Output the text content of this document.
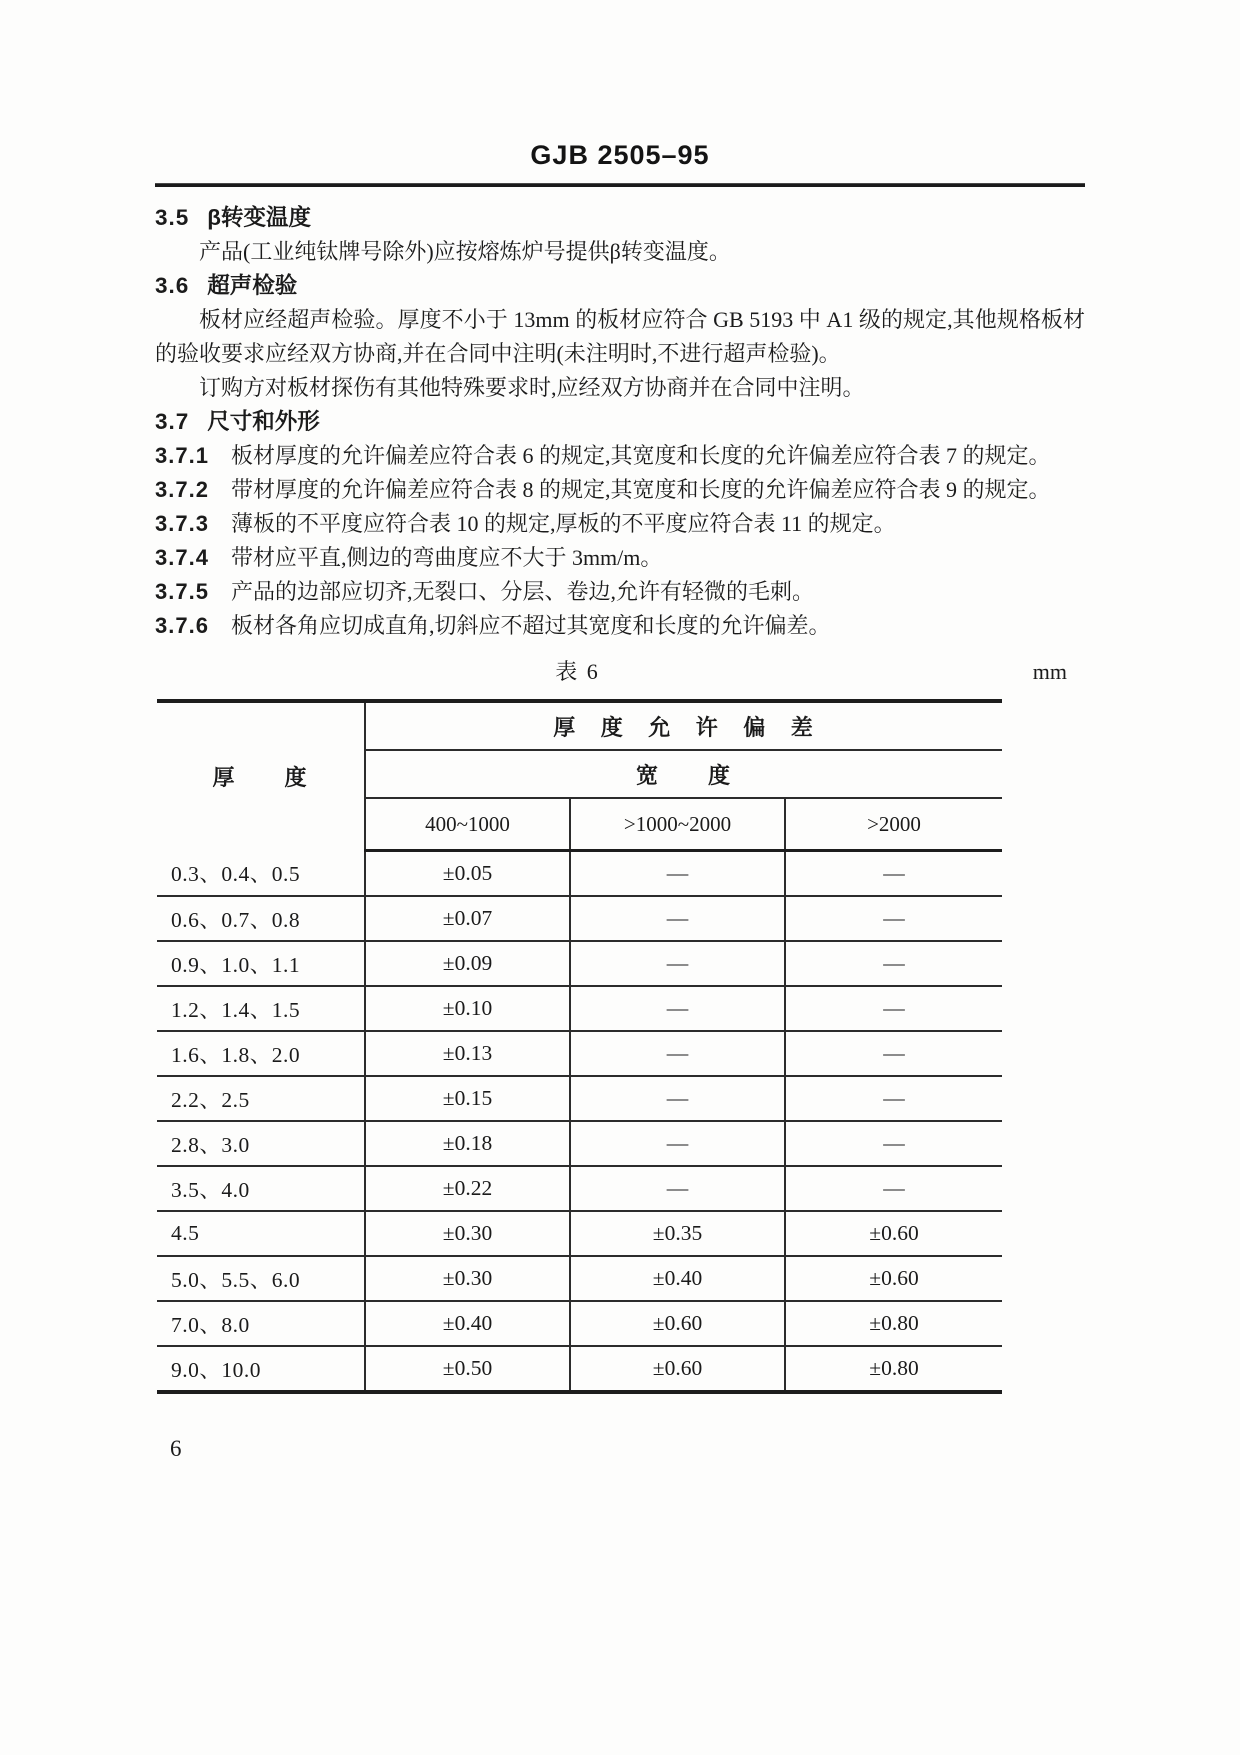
GJB 2505–95

3.5 β转变温度

产品(工业纯钛牌号除外)应按熔炼炉号提供β转变温度。

3.6 超声检验

板材应经超声检验。厚度不小于 13mm 的板材应符合 GB 5193 中 A1 级的规定,其他规格板材的验收要求应经双方协商,并在合同中注明(未注明时,不进行超声检验)。

订购方对板材探伤有其他特殊要求时,应经双方协商并在合同中注明。

3.7 尺寸和外形

3.7.1 板材厚度的允许偏差应符合表 6 的规定,其宽度和长度的允许偏差应符合表 7 的规定。

3.7.2 带材厚度的允许偏差应符合表 8 的规定,其宽度和长度的允许偏差应符合表 9 的规定。

3.7.3 薄板的不平度应符合表 10 的规定,厚板的不平度应符合表 11 的规定。

3.7.4 带材应平直,侧边的弯曲度应不大于 3mm/m。

3.7.5 产品的边部应切齐,无裂口、分层、卷边,允许有轻微的毛刺。

3.7.6 板材各角应切成直角,切斜应不超过其宽度和长度的允许偏差。

表 6	mm
厚　　度	厚 度 允 许 偏 差		
	宽　　度		
	400~1000	>1000~2000	>2000
0.3、0.4、0.5	±0.05	—	—
0.6、0.7、0.8	±0.07	—	—
0.9、1.0、1.1	±0.09	—	—
1.2、1.4、1.5	±0.10	—	—
1.6、1.8、2.0	±0.13	—	—
2.2、2.5	±0.15	—	—
2.8、3.0	±0.18	—	—
3.5、4.0	±0.22	—	—
4.5	±0.30	±0.35	±0.60
5.0、5.5、6.0	±0.30	±0.40	±0.60
7.0、8.0	±0.40	±0.60	±0.80
9.0、10.0	±0.50	±0.60	±0.80
6
